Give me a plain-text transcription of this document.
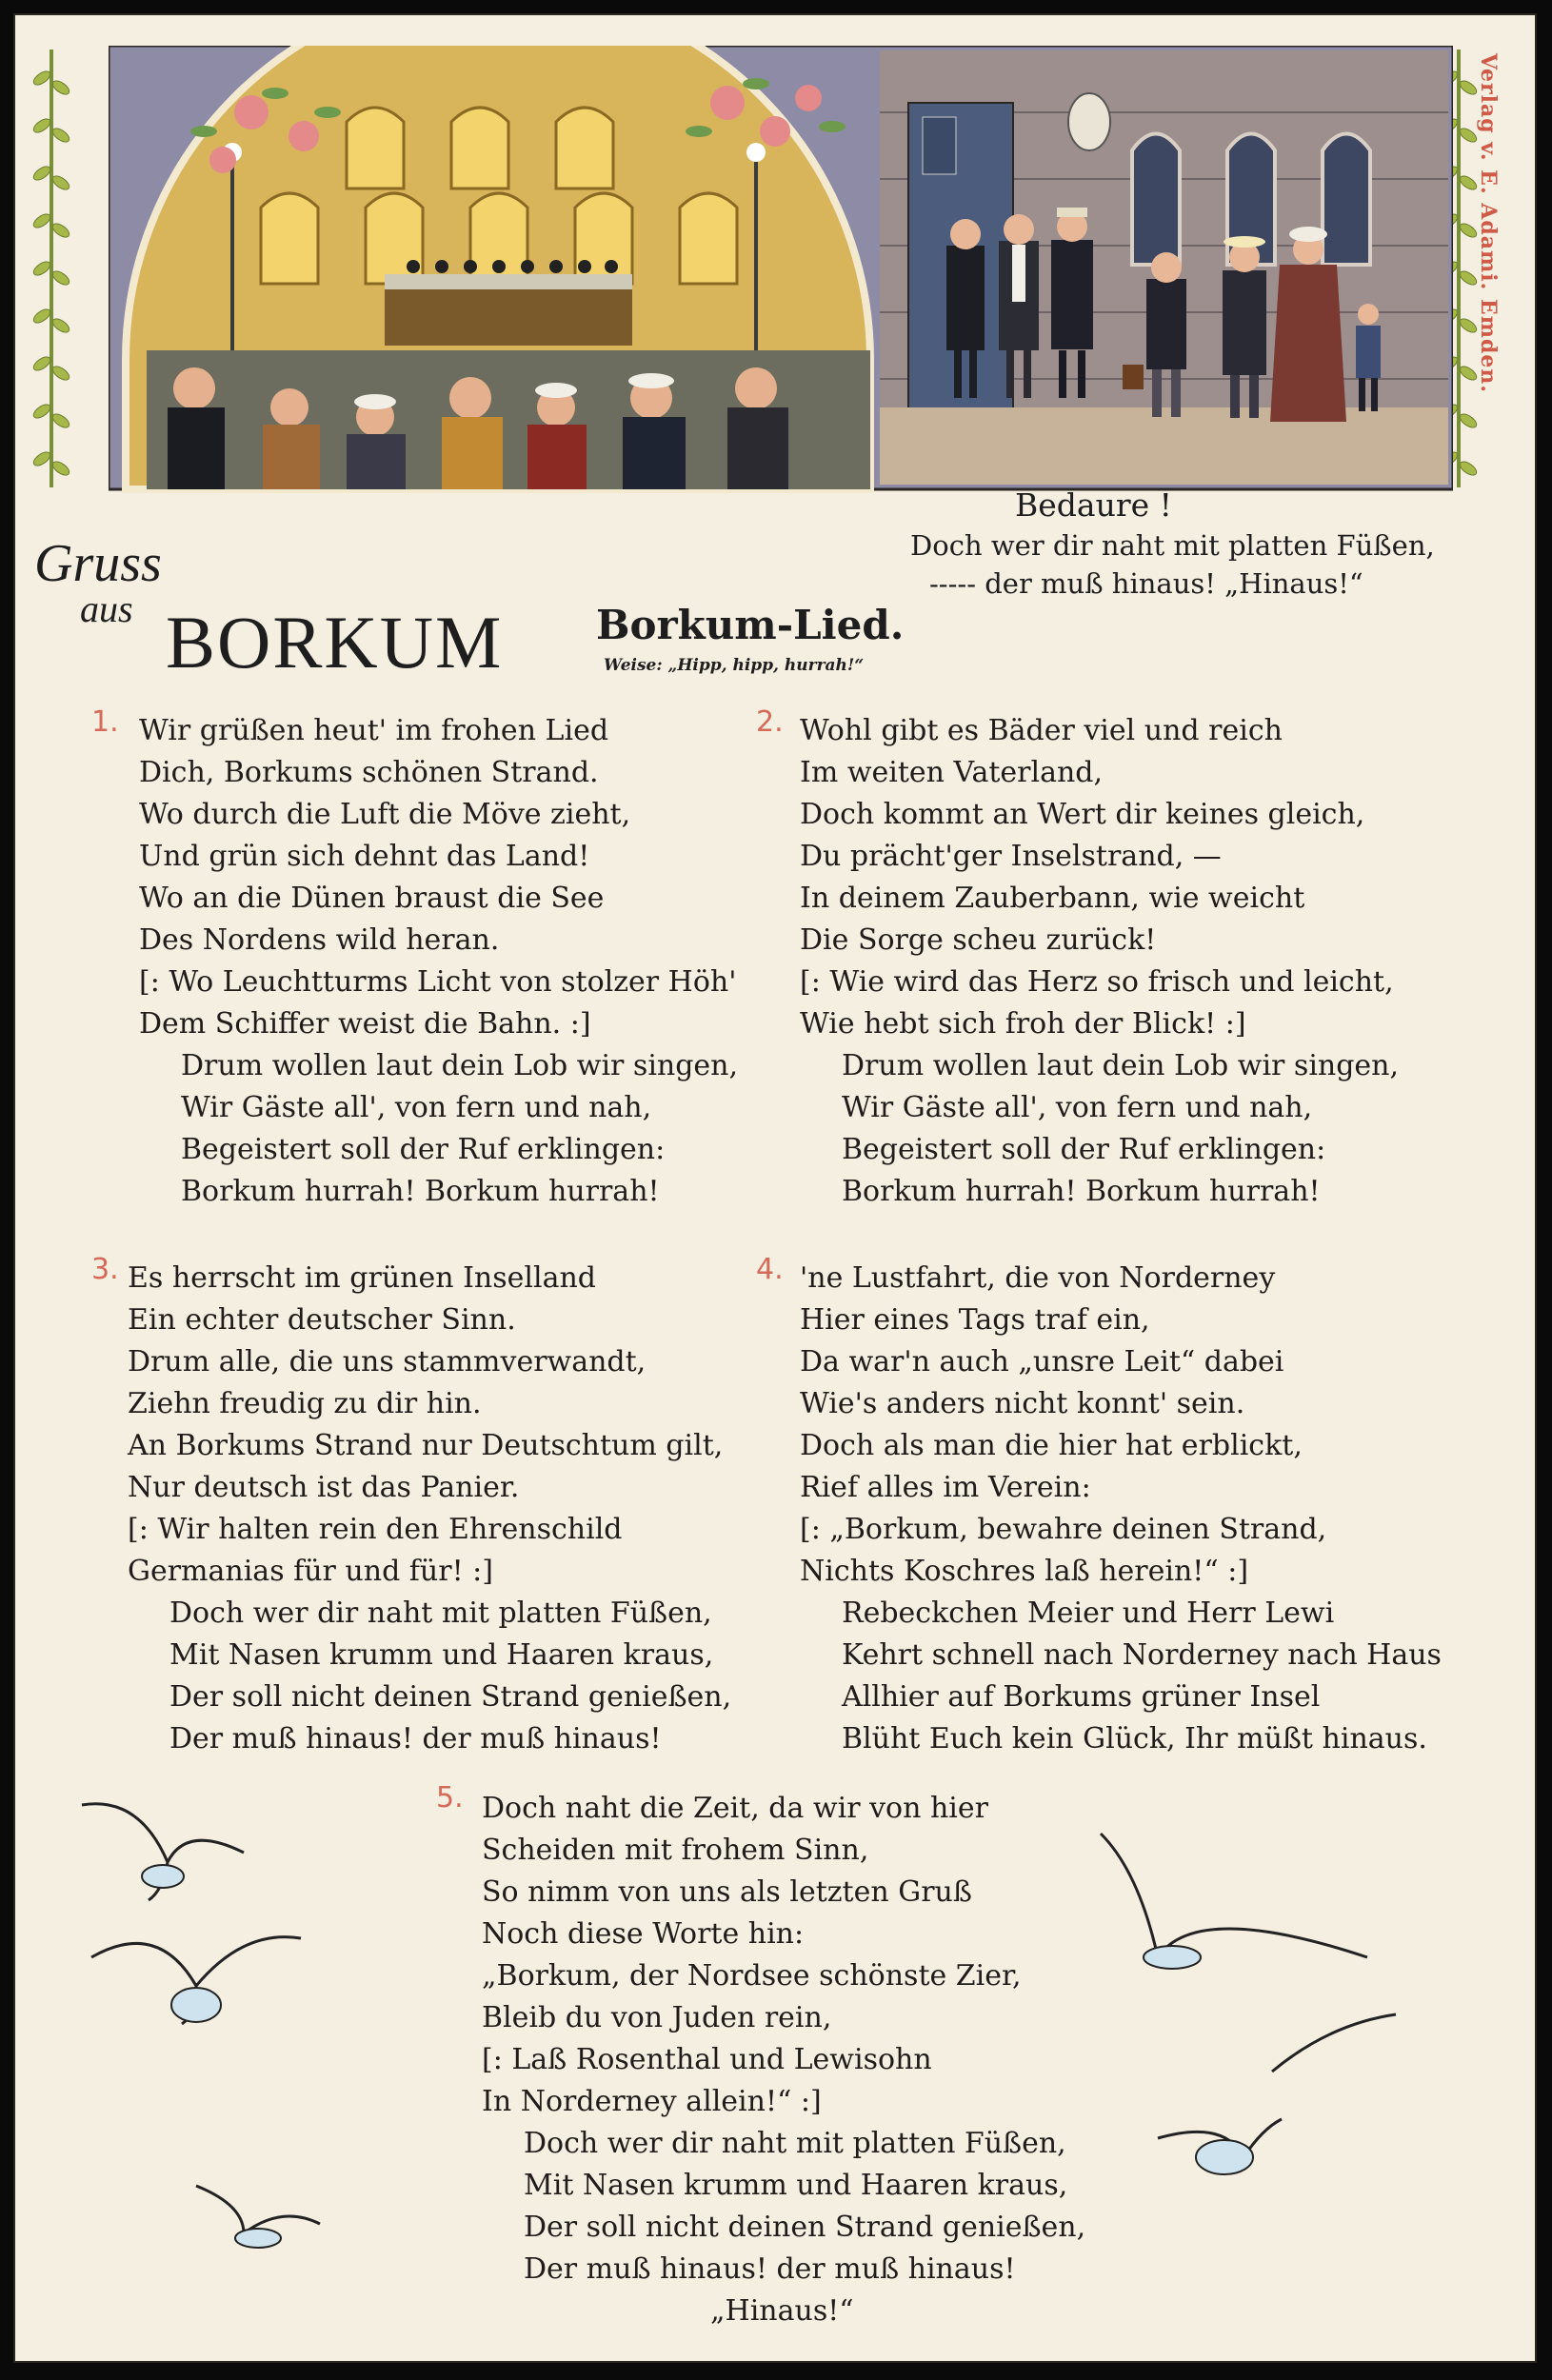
Verlag v. E. Adami. Emden.
Gruss
aus BORKUM
Bedaure !
Doch wer dir naht mit platten Füßen,
----- der muß hinaus! „Hinaus!“
Borkum-Lied.
Weise: „Hipp, hipp, hurrah!“
1. Wir grüßen heut' im frohen Lied
Dich, Borkums schönen Strand.
Wo durch die Luft die Möve zieht,
Und grün sich dehnt das Land!
Wo an die Dünen braust die See
Des Nordens wild heran.
[: Wo Leuchtturms Licht von stolzer Höh'
Dem Schiffer weist die Bahn. :]
Drum wollen laut dein Lob wir singen,
Wir Gäste all', von fern und nah,
Begeistert soll der Ruf erklingen:
Borkum hurrah! Borkum hurrah!
2. Wohl gibt es Bäder viel und reich
Im weiten Vaterland,
Doch kommt an Wert dir keines gleich,
Du prächt'ger Inselstrand, —
In deinem Zauberbann, wie weicht
Die Sorge scheu zurück!
[: Wie wird das Herz so frisch und leicht,
Wie hebt sich froh der Blick! :]
Drum wollen laut dein Lob wir singen,
Wir Gäste all', von fern und nah,
Begeistert soll der Ruf erklingen:
Borkum hurrah! Borkum hurrah!
3. Es herrscht im grünen Inselland
Ein echter deutscher Sinn.
Drum alle, die uns stammverwandt,
Ziehn freudig zu dir hin.
An Borkums Strand nur Deutschtum gilt,
Nur deutsch ist das Panier.
[: Wir halten rein den Ehrenschild
Germanias für und für! :]
Doch wer dir naht mit platten Füßen,
Mit Nasen krumm und Haaren kraus,
Der soll nicht deinen Strand genießen,
Der muß hinaus! der muß hinaus!
4. 'ne Lustfahrt, die von Norderney
Hier eines Tags traf ein,
Da war'n auch „unsre Leit“ dabei
Wie's anders nicht konnt' sein.
Doch als man die hier hat erblickt,
Rief alles im Verein:
[: „Borkum, bewahre deinen Strand,
Nichts Koschres laß herein!“ :]
Rebeckchen Meier und Herr Lewi
Kehrt schnell nach Norderney nach Haus
Allhier auf Borkums grüner Insel
Blüht Euch kein Glück, Ihr müßt hinaus.
5. Doch naht die Zeit, da wir von hier
Scheiden mit frohem Sinn,
So nimm von uns als letzten Gruß
Noch diese Worte hin:
„Borkum, der Nordsee schönste Zier,
Bleib du von Juden rein,
[: Laß Rosenthal und Lewisohn
In Norderney allein!“ :]
Doch wer dir naht mit platten Füßen,
Mit Nasen krumm und Haaren kraus,
Der soll nicht deinen Strand genießen,
Der muß hinaus! der muß hinaus!
„Hinaus!“
